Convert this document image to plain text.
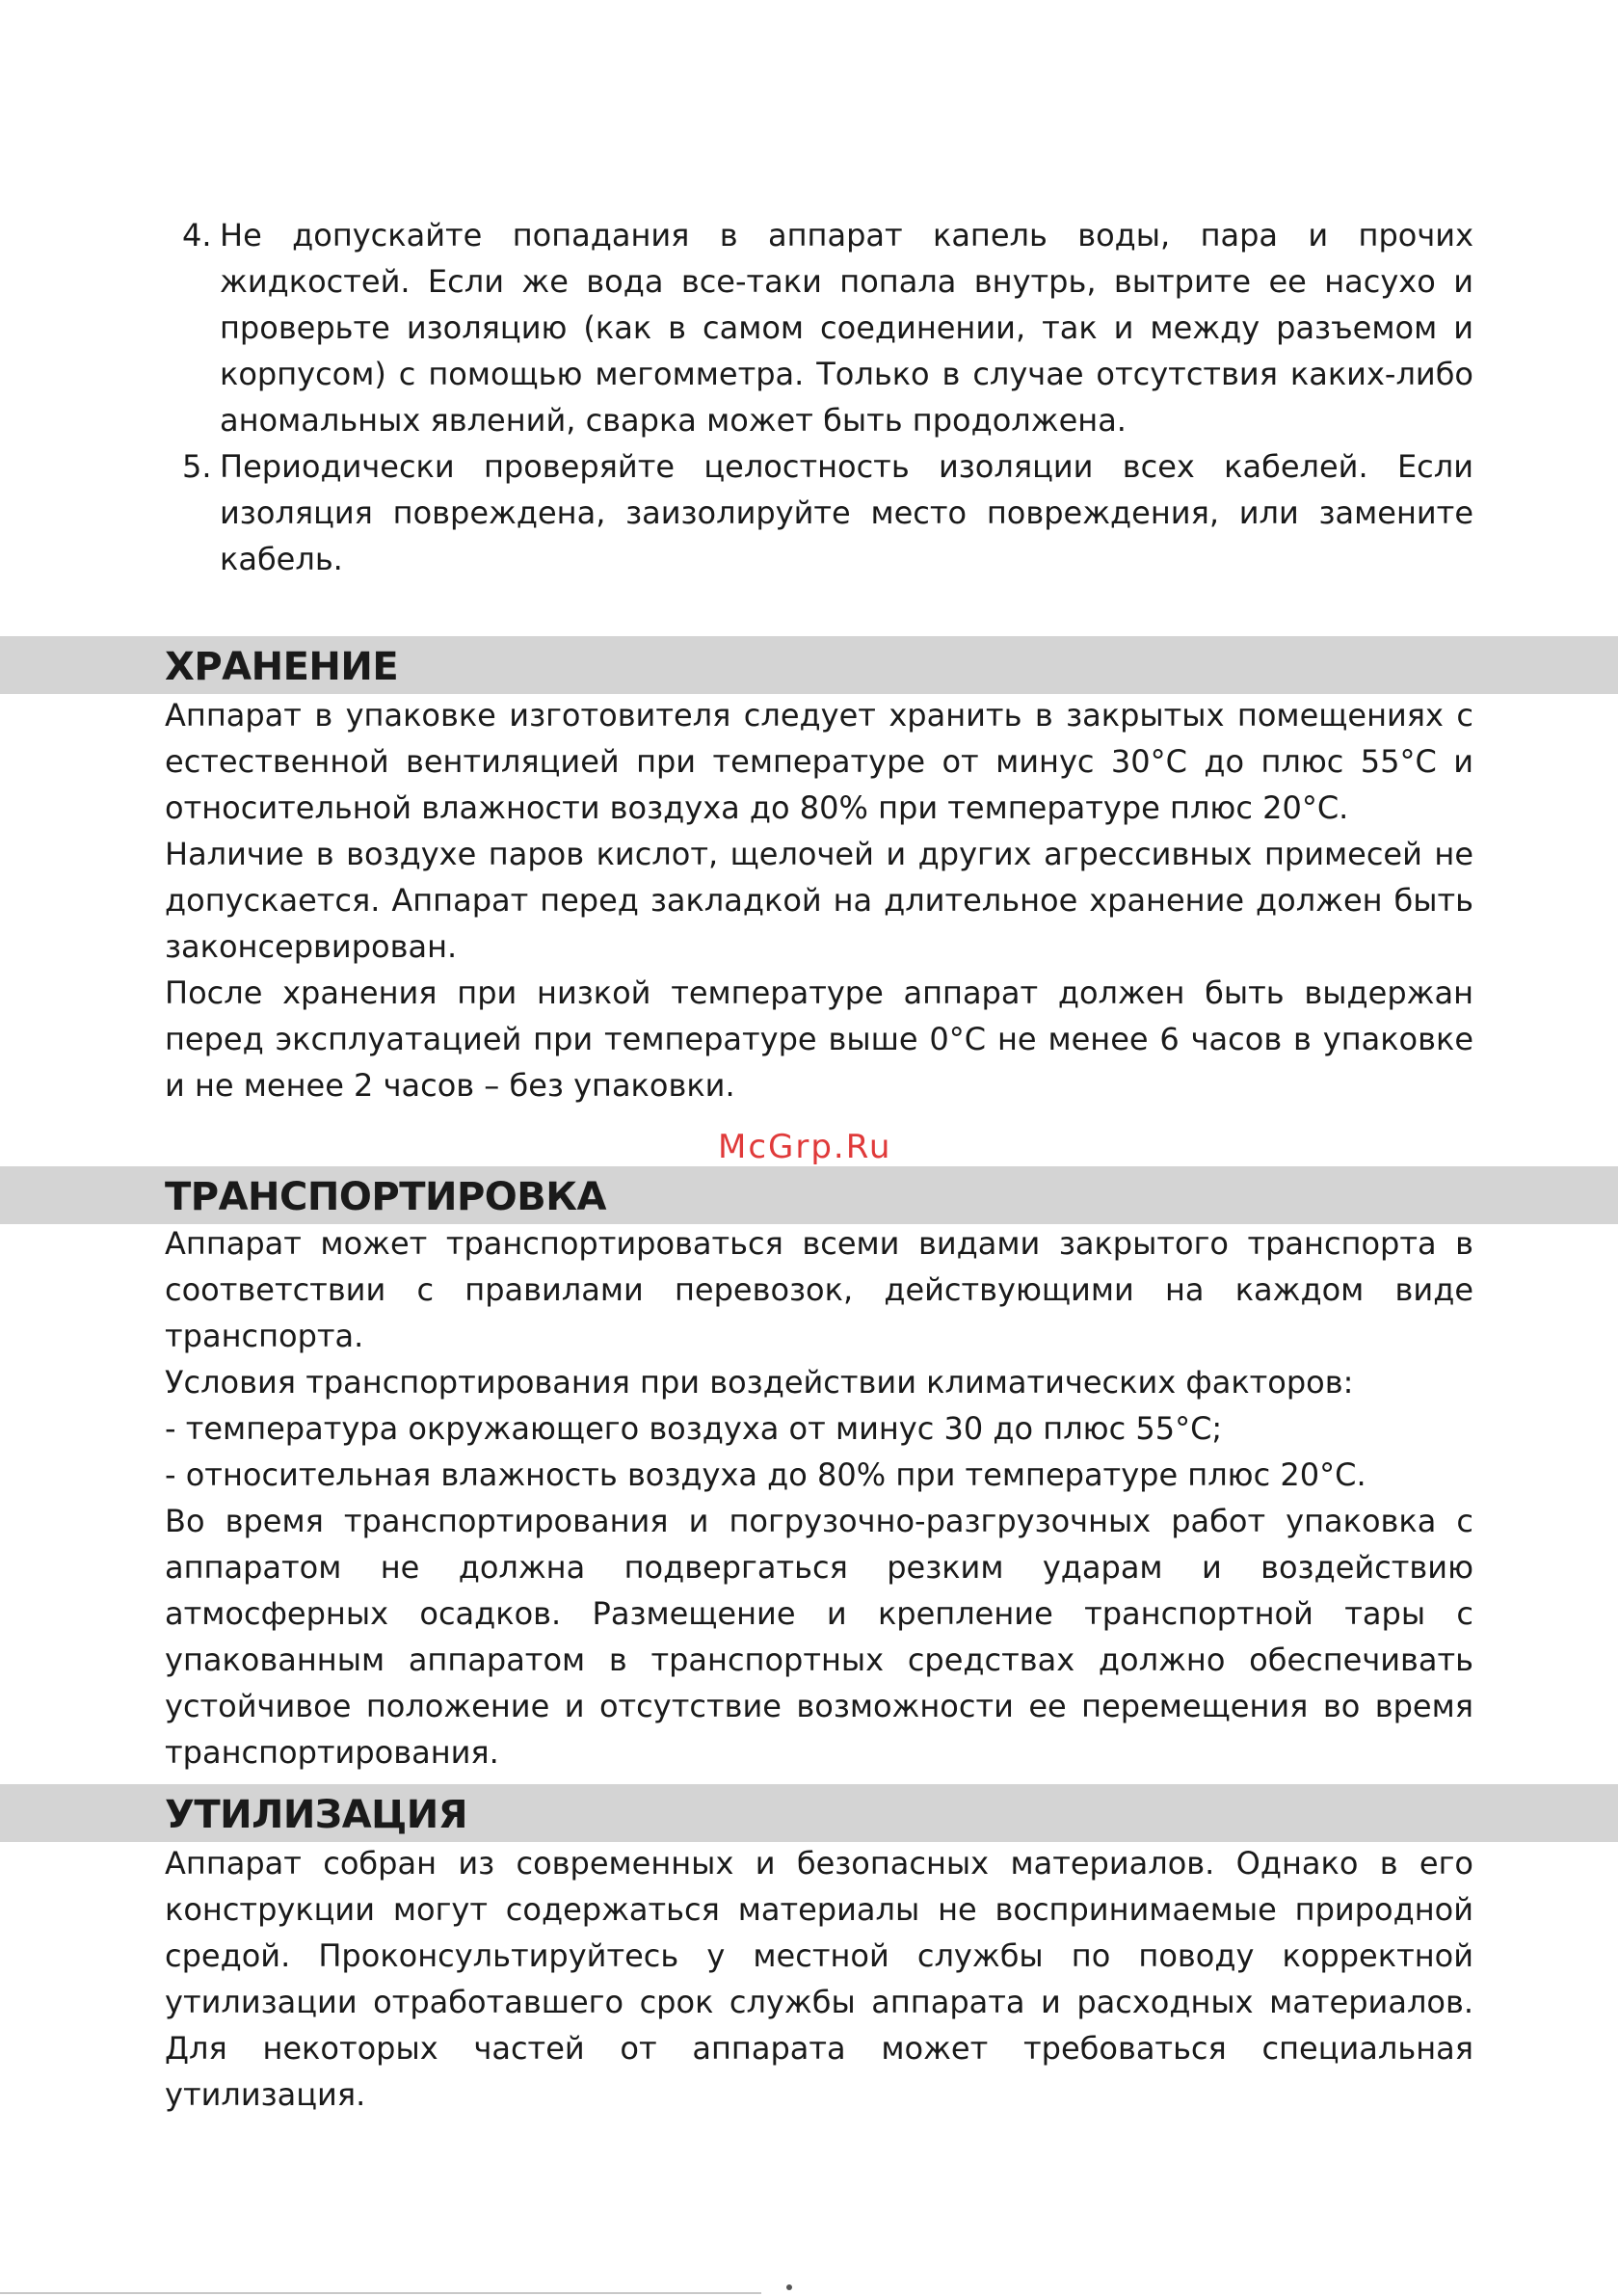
4. Не допускайте попадания в аппарат капель воды, пара и прочих жидкостей. Если же вода все-таки попала внутрь, вытрите ее насухо и проверьте изоляцию (как в самом соединении, так и между разъемом и корпусом) с помощью мегомметра. Только в случае отсутствия каких-либо аномальных явлений, сварка может быть продолжена.
5. Периодически проверяйте целостность изоляции всех кабелей. Если изоляция повреждена, заизолируйте место повреждения, или замените кабель.
ХРАНЕНИЕ

Аппарат в упаковке изготовителя следует хранить в закрытых помещениях с естественной вентиляцией при температуре от минус 30°С до плюс 55°С и относительной влажности воздуха до 80% при температуре плюс 20°С.

Наличие в воздухе паров кислот, щелочей и других агрессивных примесей не допускается. Аппарат перед закладкой на длительное хранение должен быть законсервирован.

После хранения при низкой температуре аппарат должен быть выдержан перед эксплуатацией при температуре выше 0°С не менее 6 часов в упаковке и не менее 2 часов – без упаковки.

McGrp.Ru
ТРАНСПОРТИРОВКА

Аппарат может транспортироваться всеми видами закрытого транспорта в соответствии с правилами перевозок, действующими на каждом виде транспорта.

Условия транспортирования при воздействии климатических факторов:

- температура окружающего воздуха от минус 30 до плюс 55°С;

- относительная влажность воздуха до 80% при температуре плюс 20°С.

Во время транспортирования и погрузочно-разгрузочных работ упаковка с аппаратом не должна подвергаться резким ударам и воздействию атмосферных осадков. Размещение и крепление транспортной тары с упакованным аппаратом в транспортных средствах должно обеспечивать устойчивое положение и отсутствие возможности ее перемещения во время транспортирования.

УТИЛИЗАЦИЯ

Аппарат собран из современных и безопасных материалов. Однако в его конструкции могут содержаться материалы не воспринимаемые природной средой. Проконсультируйтесь у местной службы по поводу корректной утилизации отработавшего срок службы аппарата и расходных материалов. Для некоторых частей от аппарата может требоваться специальная утилизация.
